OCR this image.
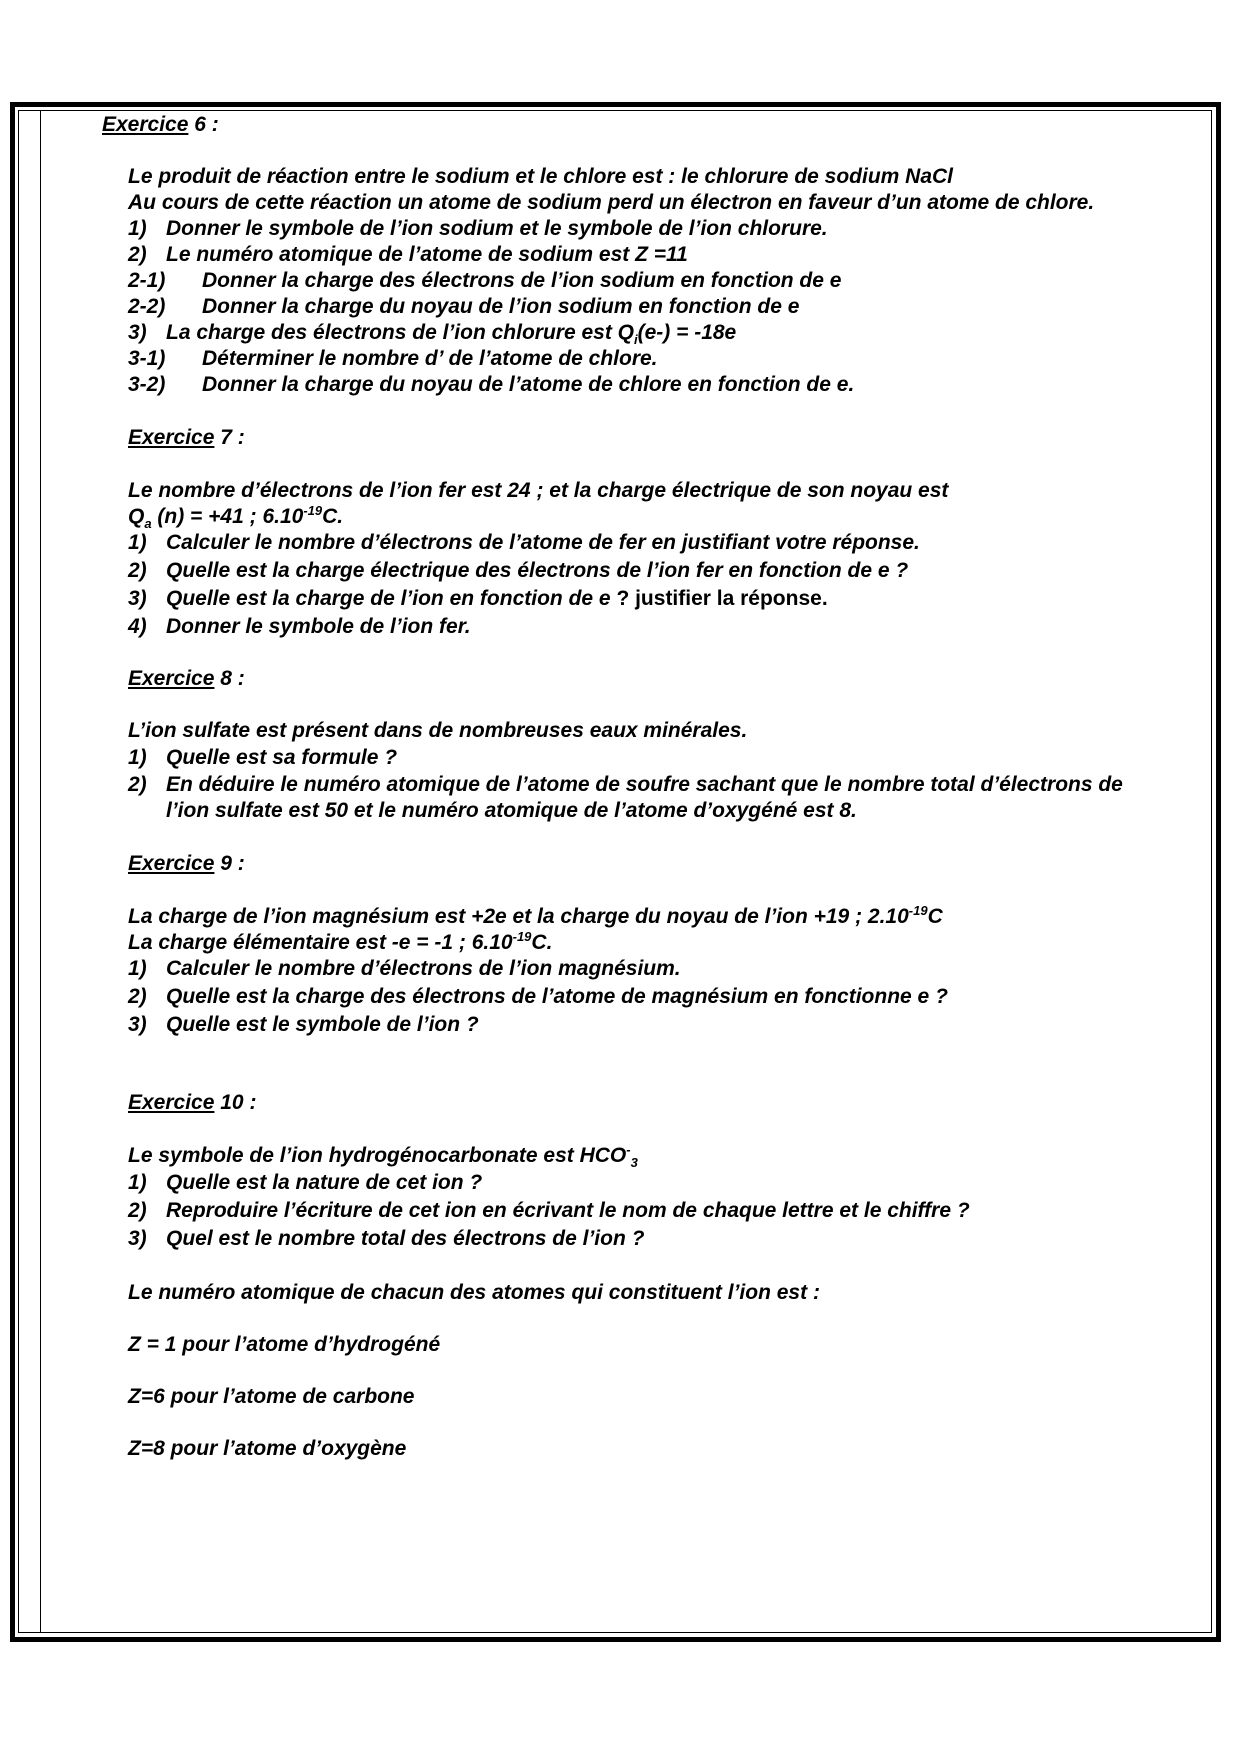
Exercice 6 :
Le produit de réaction entre le sodium et le chlore est : le chlorure de sodium NaCl
Au cours de cette réaction un atome de sodium perd un électron en faveur d’un atome de chlore.
1) Donner le symbole de l’ion sodium et le symbole de l’ion chlorure.
2) Le numéro atomique de l’atome de sodium est Z =11
2-1) Donner la charge des électrons de l’ion sodium en fonction de e
2-2) Donner la charge du noyau de l’ion sodium en fonction de e
3) La charge des électrons de l’ion chlorure est $Q_i(e-) = -18e$
3-1) Déterminer le nombre d’ de l’atome de chlore.
3-2) Donner la charge du noyau de l’atome de chlore en fonction de e.
Exercice 7 :
Le nombre d’électrons de l’ion fer est 24 ; et la charge électrique de son noyau est
$Q_a$ (n) = +41 ; $6.10^{-19}C$.
1) Calculer le nombre d’électrons de l’atome de fer en justifiant votre réponse.
2) Quelle est la charge électrique des électrons de l’ion fer en fonction de e ?
3) Quelle est la charge de l’ion en fonction de e ? justifier la réponse.
4) Donner le symbole de l’ion fer.
Exercice 8 :
L’ion sulfate est présent dans de nombreuses eaux minérales.
1) Quelle est sa formule ?
2) En déduire le numéro atomique de l’atome de soufre sachant que le nombre total d’électrons de
l’ion sulfate est 50 et le numéro atomique de l’atome d’oxygéné est 8.
Exercice 9 :
La charge de l’ion magnésium est +2e et la charge du noyau de l’ion +19 ; $2.10^{-19}C$
La charge élémentaire est -e = -1 ; $6.10^{-19}C$.
1) Calculer le nombre d’électrons de l’ion magnésium.
2) Quelle est la charge des électrons de l’atome de magnésium en fonctionne e ?
3) Quelle est le symbole de l’ion ?
Exercice 10 :
Le symbole de l’ion hydrogénocarbonate est $HCO^-_3$
1) Quelle est la nature de cet ion ?
2) Reproduire l’écriture de cet ion en écrivant le nom de chaque lettre et le chiffre ?
3) Quel est le nombre total des électrons de l’ion ?
Le numéro atomique de chacun des atomes qui constituent l’ion est :
Z = 1 pour l’atome d’hydrogéné
Z=6 pour l’atome de carbone
Z=8 pour l’atome d’oxygène
